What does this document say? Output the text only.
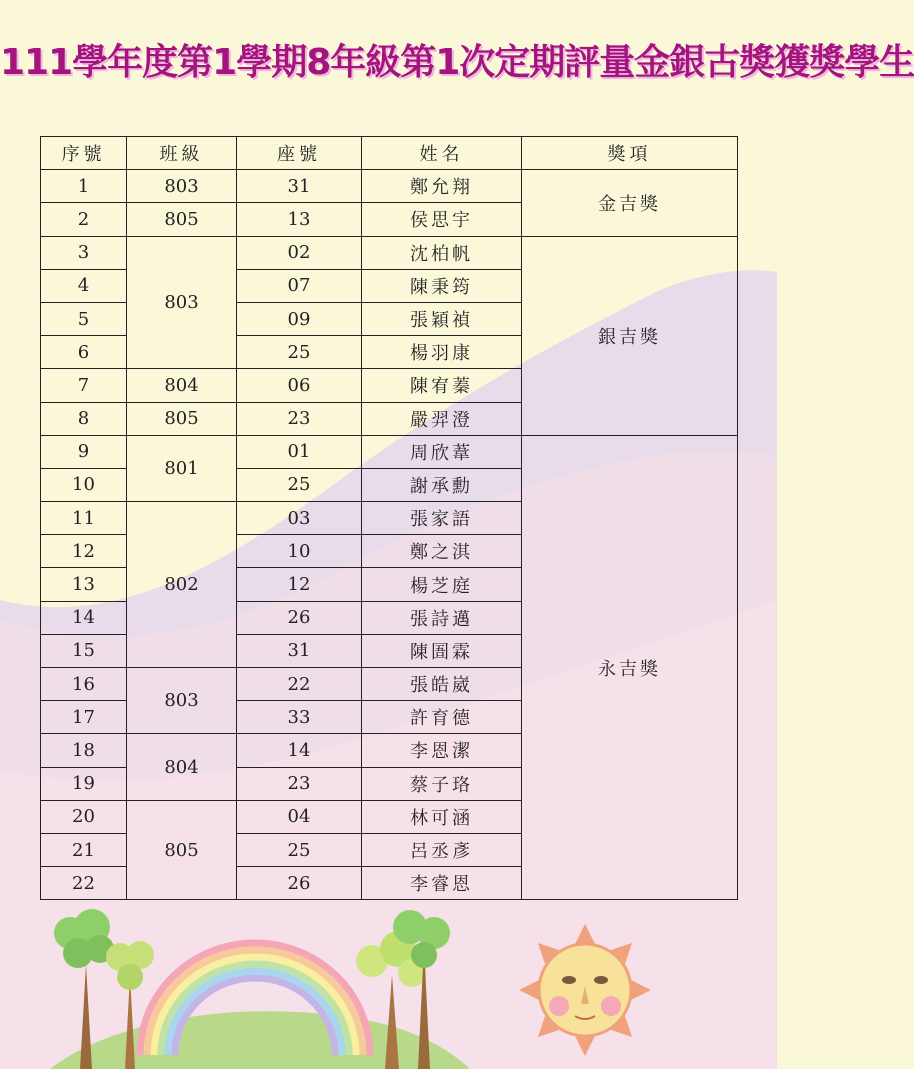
111學年度第1學期8年級第1次定期評量金銀古獎獲獎學生
序號	班級	座號	姓名	獎項
1	803	31	鄭允翔	金吉獎
2	805	13	侯思宇	
3	803	02	沈柏帆	銀吉獎
4		07	陳秉筠	
5		09	張穎禎	
6		25	楊羽康	
7	804	06	陳宥蓁	
8	805	23	嚴羿澄	
9	801	01	周欣葦	永吉獎
10		25	謝承勳	
11	802	03	張家語	
12		10	鄭之淇	
13		12	楊芝庭	
14		26	張詩邁	
15		31	陳圄霖	
16	803	22	張皓崴	
17		33	許育德	
18	804	14	李恩潔	
19		23	蔡子珞	
20	805	04	林可涵	
21		25	呂丞彥	
22		26	李睿恩	
